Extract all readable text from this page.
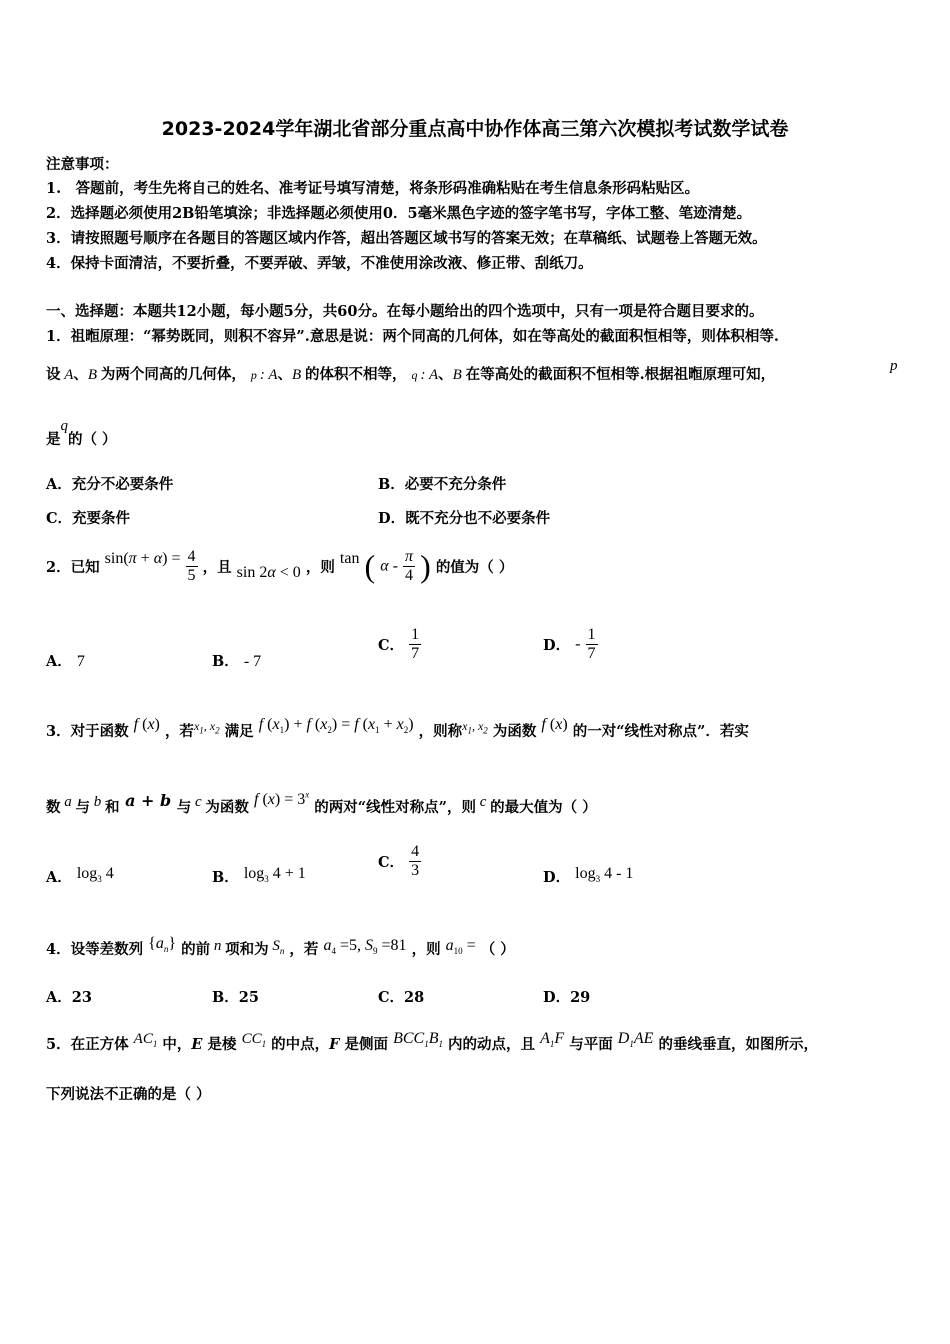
2023-2024学年湖北省部分重点高中协作体高三第六次模拟考试数学试卷
注意事项：
1.　答题前，考生先将自己的姓名、准考证号填写清楚，将条形码准确粘贴在考生信息条形码粘贴区。
2．选择题必须使用2B铅笔填涂；非选择题必须使用0．5毫米黑色字迹的签字笔书写，字体工整、笔迹清楚。
3．请按照题号顺序在各题目的答题区域内作答，超出答题区域书写的答案无效；在草稿纸、试题卷上答题无效。
4．保持卡面清洁，不要折叠，不要弄破、弄皱，不准使用涂改液、修正带、刮纸刀。
一、选择题：本题共12小题，每小题5分，共60分。在每小题给出的四个选项中，只有一项是符合题目要求的。
1．祖暅原理：“幂势既同，则积不容异”.意思是说：两个同高的几何体，如在等高处的截面积恒相等，则体积相等.
设 A、B 为两个同高的几何体， p : A、B 的体积不相等， q : A、B 在等高处的截面积不恒相等.根据祖暅原理可知，	p
是$^q$的（ ）
A．充分不必要条件	B．必要不充分条件
C．充要条件	D．既不充分也不必要条件
2．已知 $\sin(\pi + \alpha) = \frac{4}{5}$ ，且 sin 2α < 0 ，则 tan ( α - $\frac{\pi}{4}$ ) 的值为（ ）
A． 7	B． - 7
C． $\frac{1}{7}$	D． - $\frac{1}{7}$
3．对于函数 f (x) ，若$^{x_1, x_2}$ 满足 f $(x_1) + f$ $(x_2) = f$ $(x_1 + x_2)$ ，则称$^{x_1, x_2}$ 为函数 f (x) 的一对“线性对称点”．若实
数 a 与 b 和 a + b 与 c 为函数 f $(x) = 3^x$ 的两对“线性对称点”，则 c 的最大值为（ ）
A． $\log_3 4$	B． $\log_3 4 + 1$
C． $\frac{4}{3}$	D． $\log_3 4 - 1$
4．设等差数列 $\{a_n\}$ 的前 n 项和为 $S_n$ ，若 $a_4 =5$, $S_9 =81$ ，则 $a_{10}$ = （ ）
A．23	B．25	C．28	D．29
5．在正方体 $AC_1$ 中，E 是棱 $CC_1$ 的中点，F 是侧面 $BCC_1B_1$ 内的动点，且 $A_1F$ 与平面 $D_1AE$ 的垂线垂直，如图所示，
下列说法不正确的是（ ）
